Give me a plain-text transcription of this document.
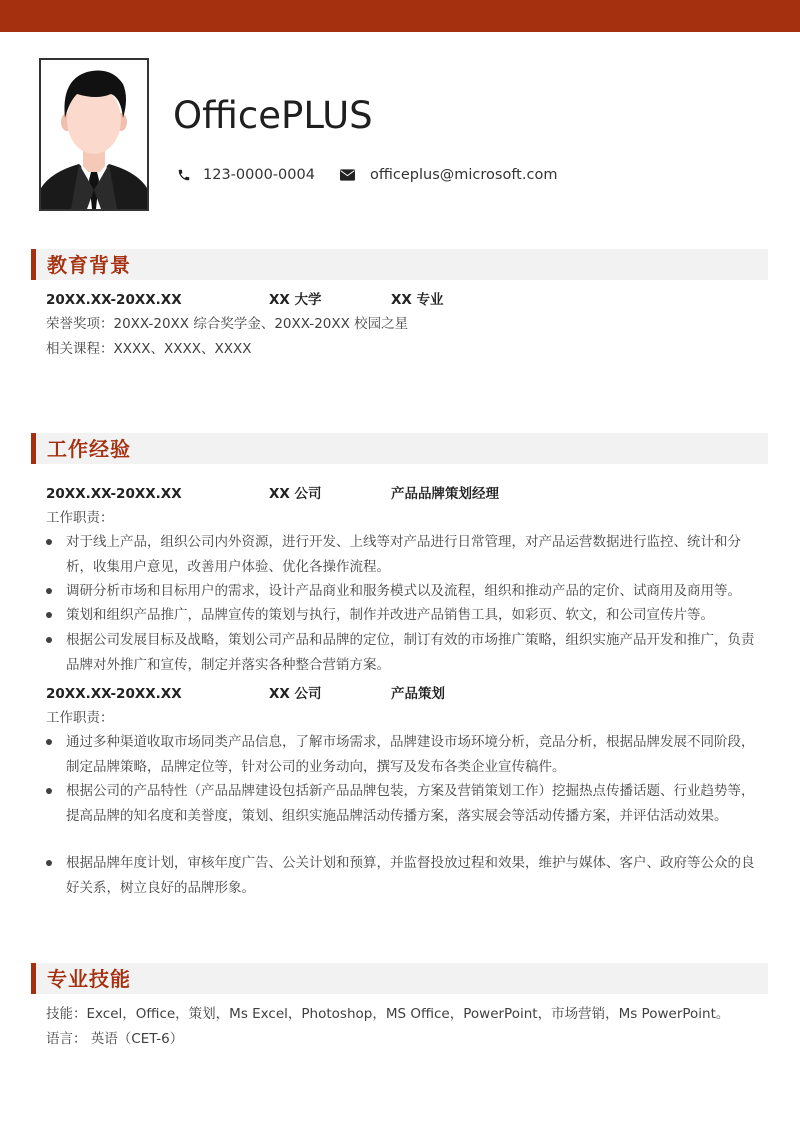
OfficePLUS
123-0000-0004	officeplus@microsoft.com
教育背景
20XX.XX-20XX.XX	XX 大学	XX 专业
荣誉奖项：20XX-20XX 综合奖学金、20XX-20XX 校园之星
相关课程：XXXX、XXXX、XXXX
工作经验
20XX.XX-20XX.XX	XX 公司	产品品牌策划经理
工作职责：
对于线上产品，组织公司内外资源，进行开发、上线等对产品进行日常管理，对产品运营数据进行监控、统计和分析，收集用户意见，改善用户体验、优化各操作流程。
调研分析市场和目标用户的需求，设计产品商业和服务模式以及流程，组织和推动产品的定价、试商用及商用等。
策划和组织产品推广，品牌宣传的策划与执行，制作并改进产品销售工具，如彩页、软文，和公司宣传片等。
根据公司发展目标及战略，策划公司产品和品牌的定位，制订有效的市场推广策略，组织实施产品开发和推广，负责品牌对外推广和宣传，制定并落实各种整合营销方案。
20XX.XX-20XX.XX	XX 公司	产品策划
工作职责：
通过多种渠道收取市场同类产品信息，了解市场需求，品牌建设市场环境分析，竞品分析，根据品牌发展不同阶段，制定品牌策略，品牌定位等，针对公司的业务动向，撰写及发布各类企业宣传稿件。
根据公司的产品特性（产品品牌建设包括新产品品牌包装，方案及营销策划工作）挖掘热点传播话题、行业趋势等，提高品牌的知名度和美誉度，策划、组织实施品牌活动传播方案，落实展会等活动传播方案，并评估活动效果。
根据品牌年度计划，审核年度广告、公关计划和预算，并监督投放过程和效果，维护与媒体、客户、政府等公众的良好关系，树立良好的品牌形象。
专业技能
技能：Excel，Office，策划，Ms Excel，Photoshop，MS Office，PowerPoint，市场营销，Ms PowerPoint。
语言： 英语（CET-6）
